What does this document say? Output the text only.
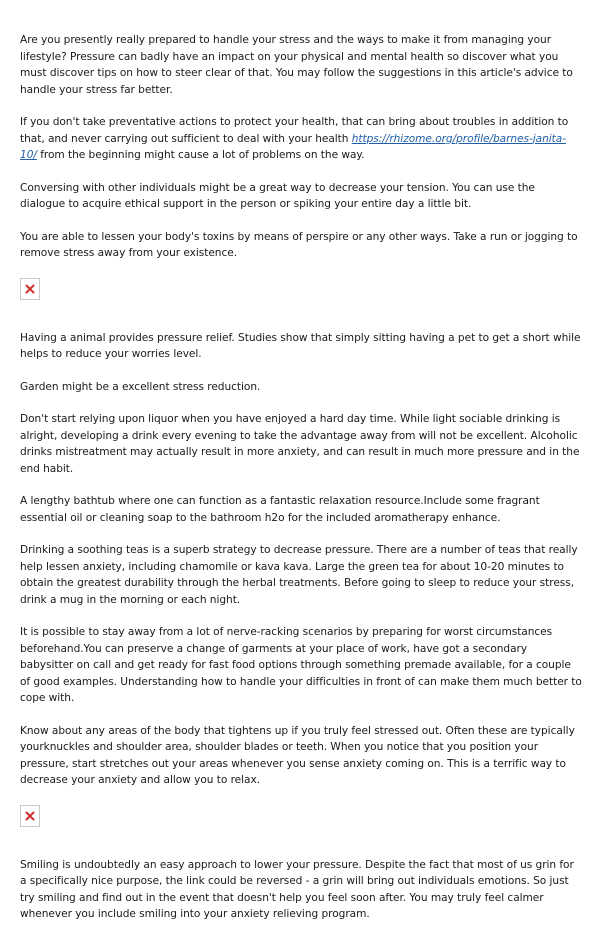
Are you presently really prepared to handle your stress and the ways to make it from managing your lifestyle? Pressure can badly have an impact on your physical and mental health so discover what you must discover tips on how to steer clear of that. You may follow the suggestions in this article's advice to handle your stress far better.

If you don't take preventative actions to protect your health, that can bring about troubles in addition to that, and never carrying out sufficient to deal with your health https://rhizome.org/profile/barnes-janita-10/ from the beginning might cause a lot of problems on the way.

Conversing with other individuals might be a great way to decrease your tension. You can use the dialogue to acquire ethical support in the person or spiking your entire day a little bit.

You are able to lessen your body's toxins by means of perspire or any other ways. Take a run or jogging to remove stress away from your existence.

Having a animal provides pressure relief. Studies show that simply sitting having a pet to get a short while helps to reduce your worries level.

Garden might be a excellent stress reduction.

Don't start relying upon liquor when you have enjoyed a hard day time. While light sociable drinking is alright, developing a drink every evening to take the advantage away from will not be excellent. Alcoholic drinks mistreatment may actually result in more anxiety, and can result in much more pressure and in the end habit.

A lengthy bathtub where one can function as a fantastic relaxation resource.Include some fragrant essential oil or cleaning soap to the bathroom h2o for the included aromatherapy enhance.

Drinking a soothing teas is a superb strategy to decrease pressure. There are a number of teas that really help lessen anxiety, including chamomile or kava kava. Large the green tea for about 10-20 minutes to obtain the greatest durability through the herbal treatments. Before going to sleep to reduce your stress, drink a mug in the morning or each night.

It is possible to stay away from a lot of nerve-racking scenarios by preparing for worst circumstances beforehand.You can preserve a change of garments at your place of work, have got a secondary babysitter on call and get ready for fast food options through something premade available, for a couple of good examples. Understanding how to handle your difficulties in front of can make them much better to cope with.

Know about any areas of the body that tightens up if you truly feel stressed out. Often these are typically yourknuckles and shoulder area, shoulder blades or teeth. When you notice that you position your pressure, start stretches out your areas whenever you sense anxiety coming on. This is a terrific way to decrease your anxiety and allow you to relax.

Smiling is undoubtedly an easy approach to lower your pressure. Despite the fact that most of us grin for a specifically nice purpose, the link could be reversed - a grin will bring out individuals emotions. So just try smiling and find out in the event that doesn't help you feel soon after. You may truly feel calmer whenever you include smiling into your anxiety relieving program.
